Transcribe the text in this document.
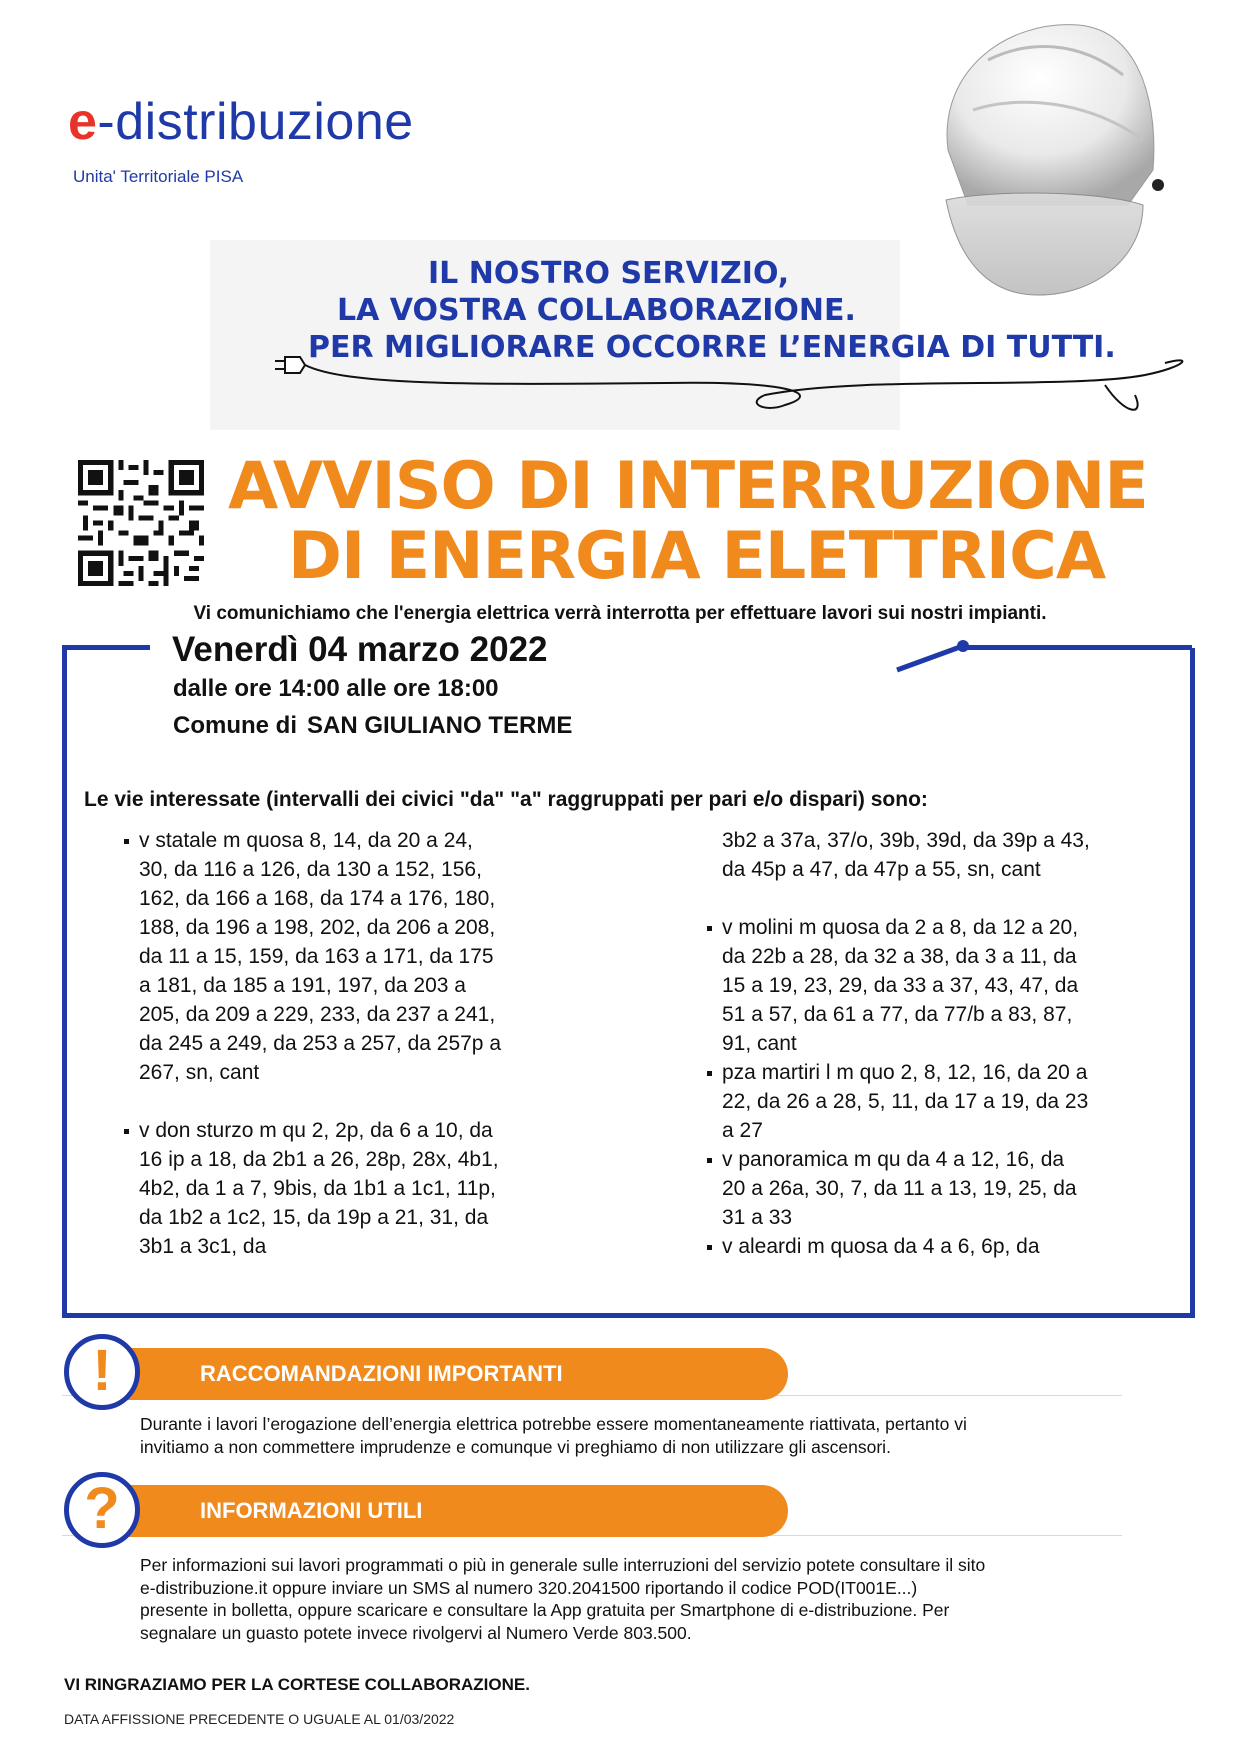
e-distribuzione
Unita' Territoriale PISA
IL NOSTRO SERVIZIO,
LA VOSTRA COLLABORAZIONE.
PER MIGLIORARE OCCORRE L’ENERGIA DI TUTTI.
AVVISO DI INTERRUZIONE
DI ENERGIA ELETTRICA
Vi comunichiamo che l'energia elettrica verrà interrotta per effettuare lavori sui nostri impianti.
Venerdì 04 marzo 2022
dalle ore 14:00 alle ore 18:00
Comune di SAN GIULIANO TERME
Le vie interessate (intervalli dei civici "da" "a" raggruppati per pari e/o dispari) sono:
v statale m quosa 8, 14, da 20 a 24,
30, da 116 a 126, da 130 a 152, 156,
162, da 166 a 168, da 174 a 176, 180,
188, da 196 a 198, 202, da 206 a 208,
da 11 a 15, 159, da 163 a 171, da 175
a 181, da 185 a 191, 197, da 203 a
205, da 209 a 229, 233, da 237 a 241,
da 245 a 249, da 253 a 257, da 257p a
267, sn, cant
v don sturzo m qu 2, 2p, da 6 a 10, da
16 ip a 18, da 2b1 a 26, 28p, 28x, 4b1,
4b2, da 1 a 7, 9bis, da 1b1 a 1c1, 11p,
da 1b2 a 1c2, 15, da 19p a 21, 31, da
3b1 a 3c1, da
3b2 a 37a, 37/o, 39b, 39d, da 39p a 43,
da 45p a 47, da 47p a 55, sn, cant
v molini m quosa da 2 a 8, da 12 a 20,
da 22b a 28, da 32 a 38, da 3 a 11, da
15 a 19, 23, 29, da 33 a 37, 43, 47, da
51 a 57, da 61 a 77, da 77/b a 83, 87,
91, cant
pza martiri l m quo 2, 8, 12, 16, da 20 a
22, da 26 a 28, 5, 11, da 17 a 19, da 23
a 27
v panoramica m qu da 4 a 12, 16, da
20 a 26a, 30, 7, da 11 a 13, 19, 25, da
31 a 33
v aleardi m quosa da 4 a 6, 6p, da
RACCOMANDAZIONI IMPORTANTI
!
Durante i lavori l’erogazione dell’energia elettrica potrebbe essere momentaneamente riattivata, pertanto vi
invitiamo a non commettere imprudenze e comunque vi preghiamo di non utilizzare gli ascensori.
INFORMAZIONI UTILI
?
Per informazioni sui lavori programmati o più in generale sulle interruzioni del servizio potete consultare il sito
e-distribuzione.it oppure inviare un SMS al numero 320.2041500 riportando il codice POD(IT001E...)
presente in bolletta, oppure scaricare e consultare la App gratuita per Smartphone di e-distribuzione. Per
segnalare un guasto potete invece rivolgervi al Numero Verde 803.500.
VI RINGRAZIAMO PER LA CORTESE COLLABORAZIONE.
DATA AFFISSIONE PRECEDENTE O UGUALE AL 01/03/2022
